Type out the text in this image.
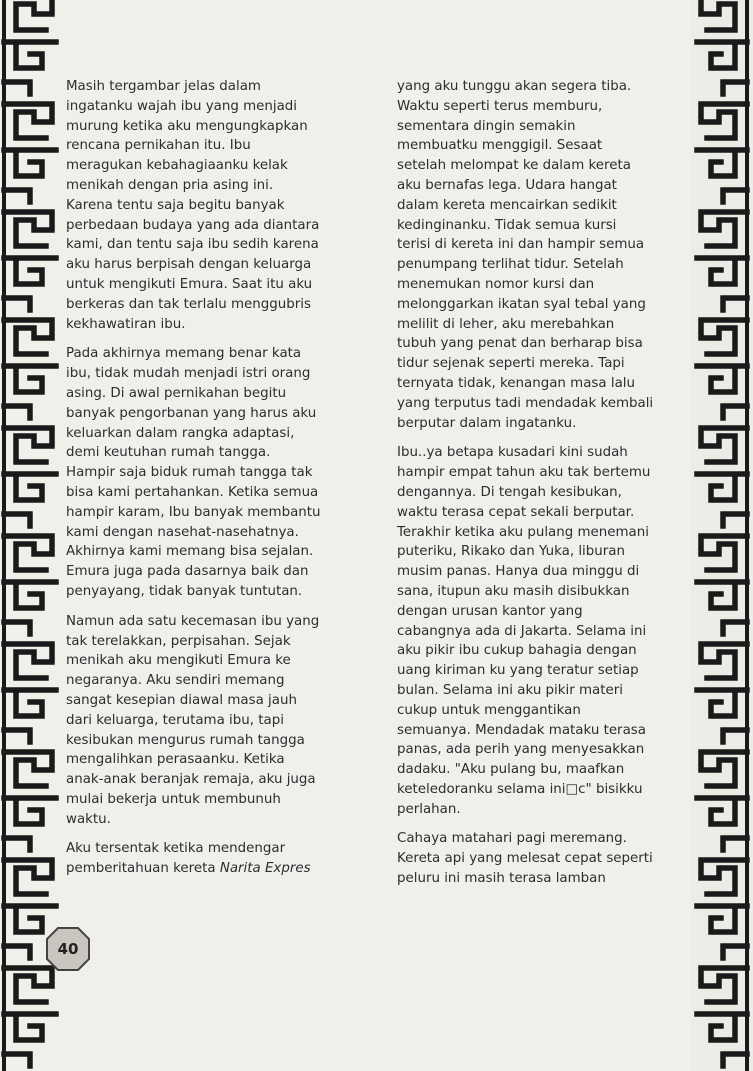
Masih tergambar jelas dalam
ingatanku wajah ibu yang menjadi
murung ketika aku mengungkapkan
rencana pernikahan itu. Ibu
meragukan kebahagiaanku kelak
menikah dengan pria asing ini.
Karena tentu saja begitu banyak
perbedaan budaya yang ada diantara
kami, dan tentu saja ibu sedih karena
aku harus berpisah dengan keluarga
untuk mengikuti Emura. Saat itu aku
berkeras dan tak terlalu menggubris
kekhawatiran ibu.
Pada akhirnya memang benar kata
ibu, tidak mudah menjadi istri orang
asing. Di awal pernikahan begitu
banyak pengorbanan yang harus aku
keluarkan dalam rangka adaptasi,
demi keutuhan rumah tangga.
Hampir saja biduk rumah tangga tak
bisa kami pertahankan. Ketika semua
hampir karam, Ibu banyak membantu
kami dengan nasehat-nasehatnya.
Akhirnya kami memang bisa sejalan.
Emura juga pada dasarnya baik dan
penyayang, tidak banyak tuntutan.
Namun ada satu kecemasan ibu yang
tak terelakkan, perpisahan. Sejak
menikah aku mengikuti Emura ke
negaranya. Aku sendiri memang
sangat kesepian diawal masa jauh
dari keluarga, terutama ibu, tapi
kesibukan mengurus rumah tangga
mengalihkan perasaanku. Ketika
anak-anak beranjak remaja, aku juga
mulai bekerja untuk membunuh
waktu.
Aku tersentak ketika mendengar
pemberitahuan kereta Narita Expres
yang aku tunggu akan segera tiba.
Waktu seperti terus memburu,
sementara dingin semakin
membuatku menggigil. Sesaat
setelah melompat ke dalam kereta
aku bernafas lega. Udara hangat
dalam kereta mencairkan sedikit
kedinginanku. Tidak semua kursi
terisi di kereta ini dan hampir semua
penumpang terlihat tidur. Setelah
menemukan nomor kursi dan
melonggarkan ikatan syal tebal yang
melilit di leher, aku merebahkan
tubuh yang penat dan berharap bisa
tidur sejenak seperti mereka. Tapi
ternyata tidak, kenangan masa lalu
yang terputus tadi mendadak kembali
berputar dalam ingatanku.
Ibu..ya betapa kusadari kini sudah
hampir empat tahun aku tak bertemu
dengannya. Di tengah kesibukan,
waktu terasa cepat sekali berputar.
Terakhir ketika aku pulang menemani
puteriku, Rikako dan Yuka, liburan
musim panas. Hanya dua minggu di
sana, itupun aku masih disibukkan
dengan urusan kantor yang
cabangnya ada di Jakarta. Selama ini
aku pikir ibu cukup bahagia dengan
uang kiriman ku yang teratur setiap
bulan. Selama ini aku pikir materi
cukup untuk menggantikan
semuanya. Mendadak mataku terasa
panas, ada perih yang menyesakkan
dadaku. "Aku pulang bu, maafkan
keteledoranku selama ini□c" bisikku
perlahan.
Cahaya matahari pagi meremang.
Kereta api yang melesat cepat seperti
peluru ini masih terasa lamban
40
